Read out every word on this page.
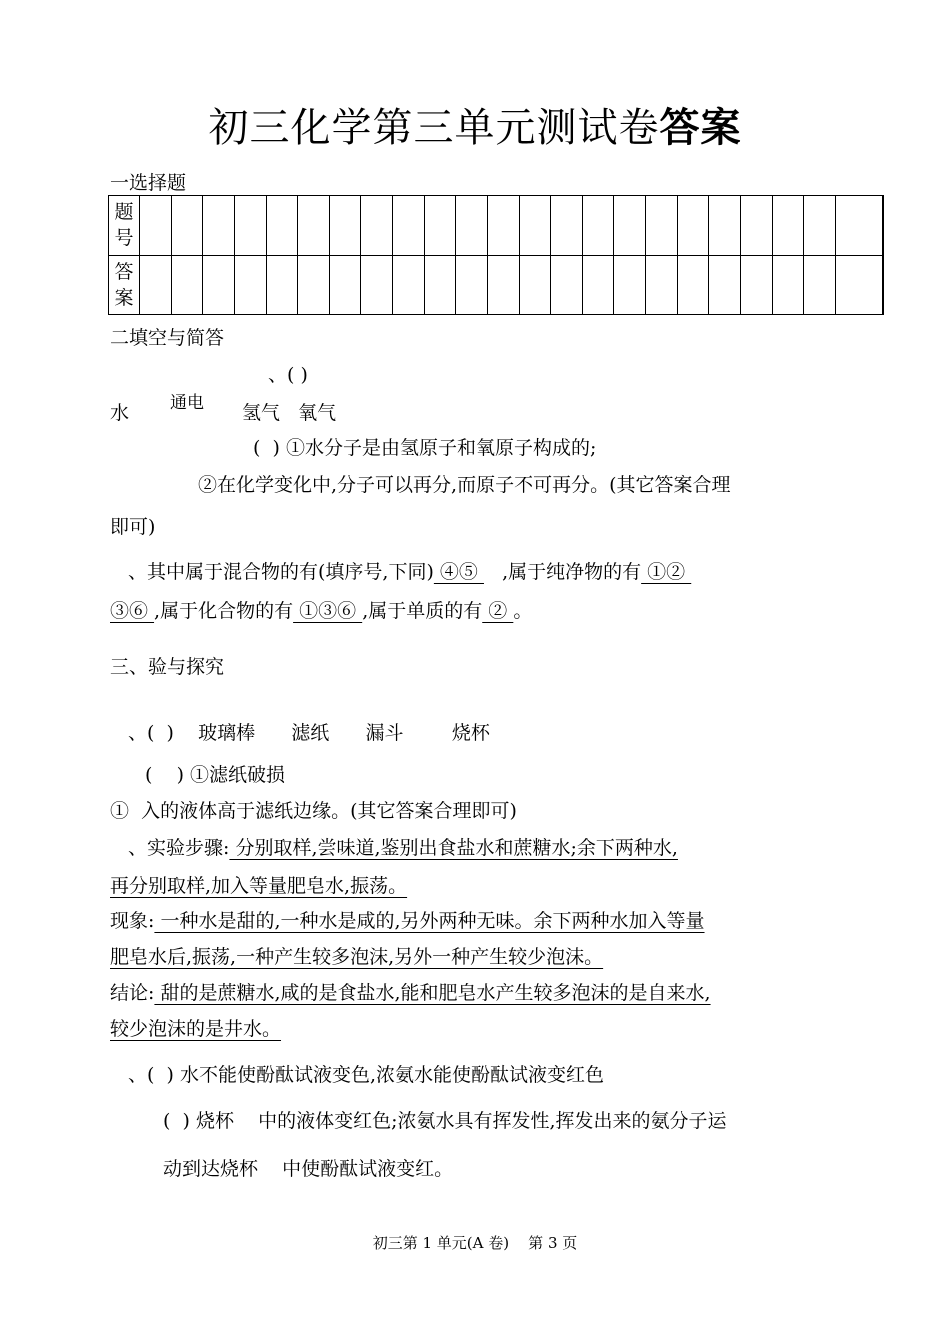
初三化学第三单元测试卷答案
一选择题
题
号																							
答
案																							
二填空与简答
、( )
水 通电 氢气   氧气
(  ) ①水分子是由氢原子和氧原子构成的;
②在化学变化中,分子可以再分,而原子不可再分。(其它答案合理
即可)
、其中属于混合物的有(填序号,下同) ④⑤    ,属于纯净物的有 ①②
③⑥ ,属于化合物的有 ①③⑥ ,属于单质的有 ② 。
三、验与探究
、(  )    玻璃棒      滤纸      漏斗        烧杯
(    ) ①滤纸破损
①  入的液体高于滤纸边缘。(其它答案合理即可)
、实验步骤: 分别取样,尝味道,鉴别出食盐水和蔗糖水;余下两种水,
再分别取样,加入等量肥皂水,振荡。
现象: 一种水是甜的,一种水是咸的,另外两种无味。余下两种水加入等量
肥皂水后,振荡,一种产生较多泡沫,另外一种产生较少泡沫。
结论: 甜的是蔗糖水,咸的是食盐水,能和肥皂水产生较多泡沫的是自来水,
较少泡沫的是井水。
、(  ) 水不能使酚酞试液变色,浓氨水能使酚酞试液变红色
(  ) 烧杯    中的液体变红色;浓氨水具有挥发性,挥发出来的氨分子运
动到达烧杯    中使酚酞试液变红。
初三第 1 单元(A 卷)    第 3 页
